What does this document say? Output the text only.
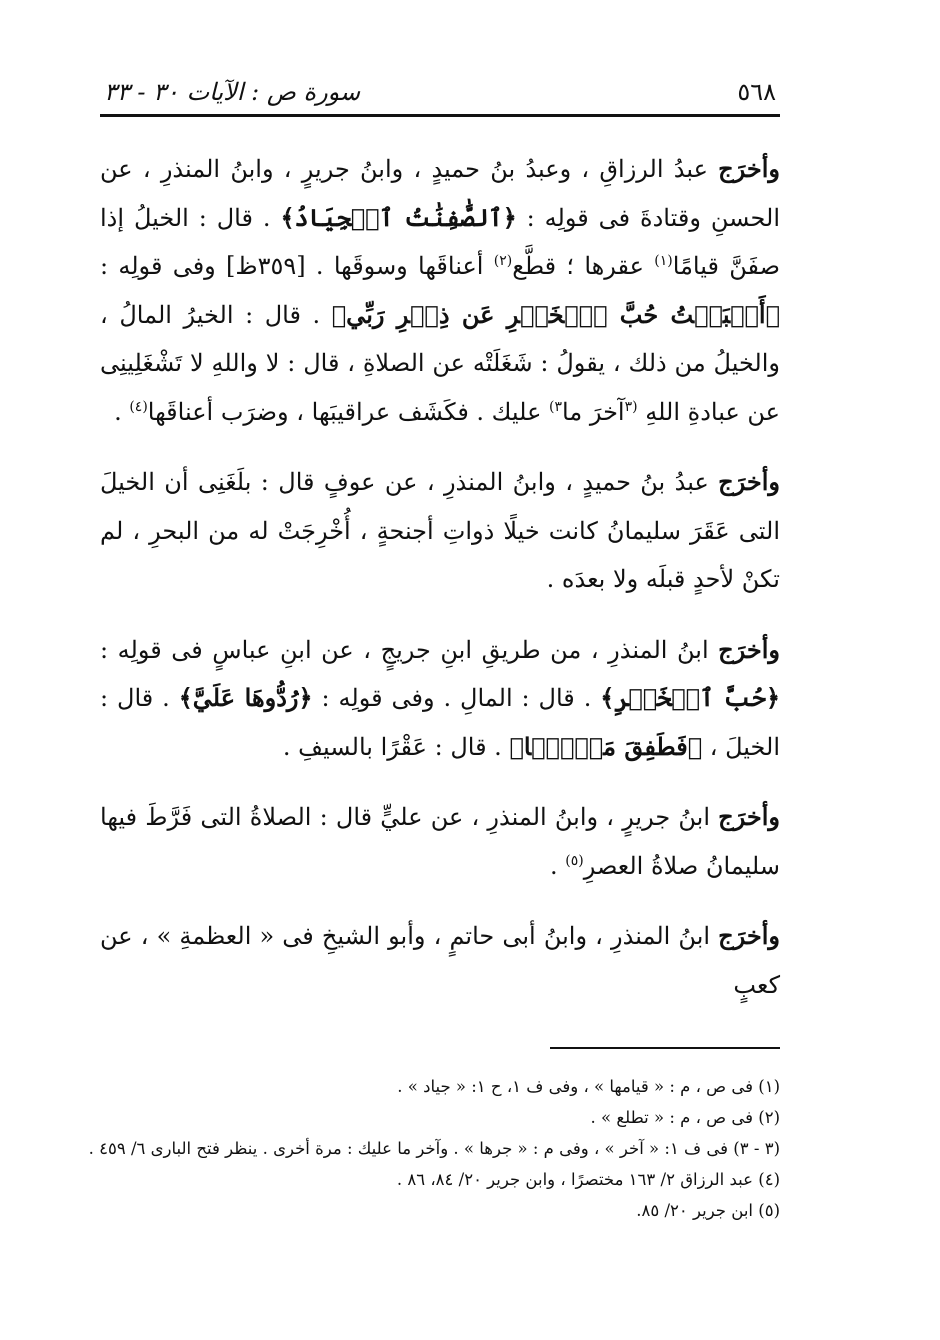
٥٦٨
سورة ص : الآيات ٣٠ - ٣٣

وأخرَج عبدُ الرزاقِ ، وعبدُ بنُ حميدٍ ، وابنُ جريرٍ ، وابنُ المنذرِ ، عن الحسنِ وقتادةَ فى قولِه : ﴿ٱلصَّٰفِنَٰتُ ٱلۡجِيَادُ﴾ . قال : الخيلُ إذا صفَنَّ قيامًا$^{(١)}$ عقرها ؛ قطَّع$^{(٢)}$ أعناقَها وسوقَها . [٣٥٩ظ] وفى قولِه : ﴿أَحۡبَبۡتُ حُبَّ ٱلۡخَيۡرِ عَن ذِكۡرِ رَبِّي﴾ . قال : الخيرُ المالُ ، والخيلُ من ذلك ، يقولُ : شَغَلَتْه عن الصلاةِ ، قال : لا واللهِ لا تَشْغَلِينِى عن عبادةِ اللهِ $^{(٣}$آخرَ ما$^{٣)}$ عليك . فكَشَف عراقيبَها ، وضرَب أعناقَها$^{(٤)}$ .

وأخرَج عبدُ بنُ حميدٍ ، وابنُ المنذرِ ، عن عوفٍ قال : بلَغَنِى أن الخيلَ التى عَقَرَ سليمانُ كانت خيلًا ذواتِ أجنحةٍ ، أُخْرِجَتْ له من البحرِ ، لم تكنْ لأحدٍ قبلَه ولا بعدَه .

وأخرَج ابنُ المنذرِ ، من طريقِ ابنِ جريجٍ ، عن ابنِ عباسٍ فى قولِه : ﴿حُبَّ ٱلۡخَيۡرِ﴾ . قال : المالِ . وفى قولِه : ﴿رُدُّوهَا عَلَيَّ﴾ . قال : الخيلَ ، ﴿فَطَفِقَ مَسۡحَۢا﴾ . قال : عَقْرًا بالسيفِ .

وأخرَج ابنُ جريرٍ ، وابنُ المنذرِ ، عن عليٍّ قال : الصلاةُ التى فَرَّطَ فيها سليمانُ صلاةُ العصرِ$^{(٥)}$ .

وأخرَج ابنُ المنذرِ ، وابنُ أبى حاتمٍ ، وأبو الشيخِ فى « العظمةِ » ، عن كعبٍ

(١) فى ص ، م : « قيامها » ، وفى ف ١، ح ١: « جياد » .

(٢) فى ص ، م : « تطلع » .

(٣ - ٣) فى ف ١: « آخر » ، وفى م : « جرها » . وآخر ما عليك : مرة أخرى . ينظر فتح البارى ٦/ ٤٥٩ .

(٤) عبد الرزاق ٢/ ١٦٣ مختصرًا ، وابن جرير ٢٠/ ٨٤، ٨٦ .

(٥) ابن جرير ٢٠/ ٨٥.
